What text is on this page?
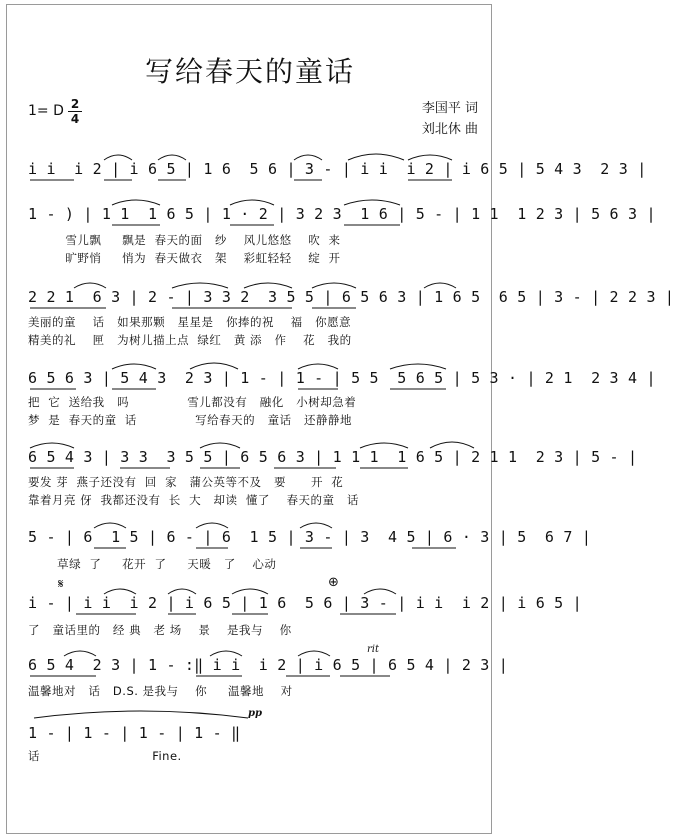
写给春天的童话
1= D 2
4
李国平 词
刘北休 曲
i i  i 2 | i 6 5 | 1 6  5 6 | 3 - | i i  i 2 | i 6 5 | 5 4 3  2 3 |
1 - ) | 1 1  1 6 5 | 1 · 2 | 3 2 3  1 6 | 5 - | 1 1  1 2 3 | 5 6 3 |
雪儿飘     飘是  春天的面   纱    风儿悠悠    吹  来
旷野悄     悄为  春天做衣   架    彩虹轻轻    绽  开
2 2 1  6 3 | 2 - | 3 3 2  3 5 5 | 6 5 6 3 | 1 6 5  6 5 | 3 - | 2 2 3 |
美丽的童    话   如果那颗   星星是   你捧的祝    福   你愿意
精美的礼    匣   为树儿描上点  绿红   黄 添   作    花   我的
6 5 6 3 | 5 4 3  2 3 | 1 - | 1 - | 5 5  5 6 5 | 5 3 · | 2 1  2 3 4 |
把  它  送给我   吗              雪儿都没有   融化   小树却急着
梦  是  春天的童  话              写给春天的   童话   还静静地
6 5 4 3 | 3 3  3 5 5 | 6 5 6 3 | 1 1 1  1 6 5 | 2 1 1  2 3 | 5 - |
要发 芽  燕子还没有  回  家   蒲公英等不及   要      开  花
靠着月亮 伢  我都还没有  长  大   却读  懂了    春天的童   话
5 - | 6  1 5 | 6 - | 6  1 5 | 3 - | 3  4 5 | 6 · 3 | 5  6 7 |
草绿  了     花开  了     天暖   了    心动
𝄋	⊕
i - | i i  i 2 | i 6 5 | 1 6  5 6 | 3 - | i i  i 2 | i 6 5 |
了   童话里的   经 典   老 场    景    是我与    你
rit
6 5 4  2 3 | 1 - :‖ i i  i 2 | i 6 5 | 6 5 4 | 2 3 |
温馨地对   话   D.S. 是我与    你     温馨地    对
pp
1 - | 1 - | 1 - | 1 - ‖
话                           Fine.
